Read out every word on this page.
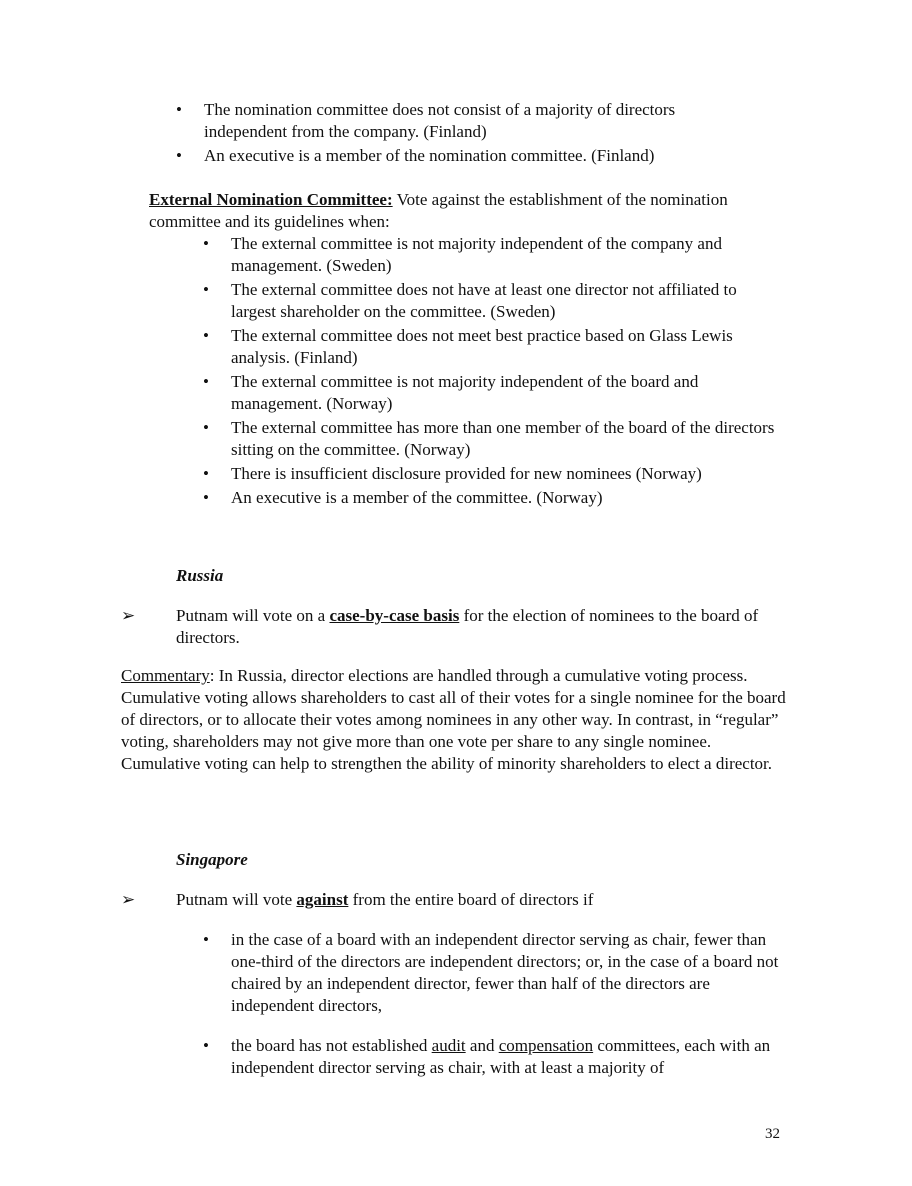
• The nomination committee does not consist of a majority of directors independent from the company. (Finland)
• An executive is a member of the nomination committee. (Finland)
External Nomination Committee: Vote against the establishment of the nomination committee and its guidelines when:
• The external committee is not majority independent of the company and management. (Sweden)
• The external committee does not have at least one director not affiliated to largest shareholder on the committee. (Sweden)
• The external committee does not meet best practice based on Glass Lewis analysis. (Finland)
• The external committee is not majority independent of the board and management. (Norway)
• The external committee has more than one member of the board of the directors sitting on the committee. (Norway)
• There is insufficient disclosure provided for new nominees (Norway)
• An executive is a member of the committee. (Norway)
Russia
➢	Putnam will vote on a case-by-case basis for the election of nominees to the board of directors.
Commentary: In Russia, director elections are handled through a cumulative voting process. Cumulative voting allows shareholders to cast all of their votes for a single nominee for the board of directors, or to allocate their votes among nominees in any other way. In contrast, in “regular” voting, shareholders may not give more than one vote per share to any single nominee. Cumulative voting can help to strengthen the ability of minority shareholders to elect a director.
Singapore
➢	Putnam will vote against from the entire board of directors if
• in the case of a board with an independent director serving as chair, fewer than one-third of the directors are independent directors; or, in the case of a board not chaired by an independent director, fewer than half of the directors are independent directors,
• the board has not established audit and compensation committees, each with an independent director serving as chair, with at least a majority of
32
